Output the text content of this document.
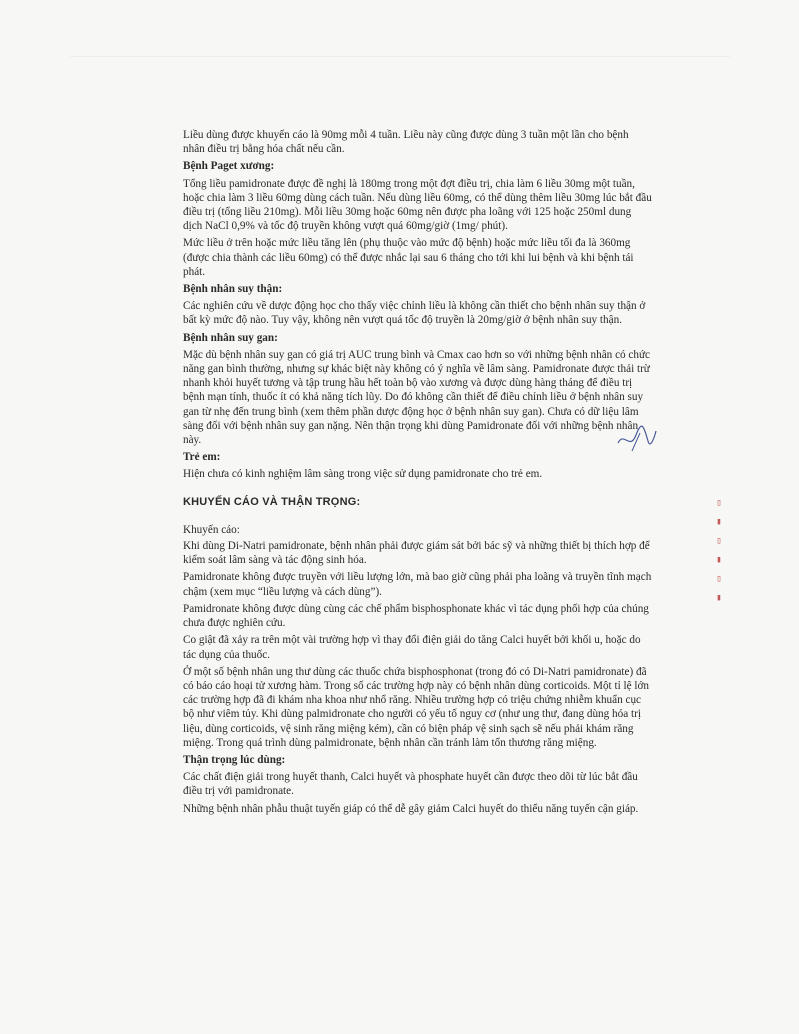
Liều dùng được khuyến cáo là 90mg mỗi 4 tuần. Liều này cũng được dùng 3 tuần một lần cho bệnh nhân điều trị bằng hóa chất nếu cần.

Bệnh Paget xương:

Tổng liều pamidronate được đề nghị là 180mg trong một đợt điều trị, chia làm 6 liều 30mg một tuần, hoặc chia làm 3 liều 60mg dùng cách tuần. Nếu dùng liều 60mg, có thể dùng thêm liều 30mg lúc bắt đầu điều trị (tổng liều 210mg). Mỗi liều 30mg hoặc 60mg nên được pha loãng với 125 hoặc 250ml dung dịch NaCl 0,9% và tốc độ truyền không vượt quá 60mg/giờ (1mg/ phút).

Mức liều ở trên hoặc mức liều tăng lên (phụ thuộc vào mức độ bệnh) hoặc mức liều tối đa là 360mg (được chia thành các liều 60mg) có thể được nhắc lại sau 6 tháng cho tới khi lui bệnh và khi bệnh tái phát.

Bệnh nhân suy thận:

Các nghiên cứu về dược động học cho thấy việc chỉnh liều là không cần thiết cho bệnh nhân suy thận ở bất kỳ mức độ nào. Tuy vậy, không nên vượt quá tốc độ truyền là 20mg/giờ ở bệnh nhân suy thận.

Bệnh nhân suy gan:

Mặc dù bệnh nhân suy gan có giá trị AUC trung bình và Cmax cao hơn so với những bệnh nhân có chức năng gan bình thường, nhưng sự khác biệt này không có ý nghĩa về lâm sàng. Pamidronate được thải trừ nhanh khỏi huyết tương và tập trung hầu hết toàn bộ vào xương và được dùng hàng tháng để điều trị bệnh mạn tính, thuốc ít có khả năng tích lũy. Do đó không cần thiết để điều chỉnh liều ở bệnh nhân suy gan từ nhẹ đến trung bình (xem thêm phần dược động học ở bệnh nhân suy gan). Chưa có dữ liệu lâm sàng đối với bệnh nhân suy gan nặng. Nên thận trọng khi dùng Pamidronate đối với những bệnh nhân này.

Trẻ em:

Hiện chưa có kinh nghiệm lâm sàng trong việc sử dụng pamidronate cho trẻ em.

KHUYẾN CÁO VÀ THẬN TRỌNG:
Khuyến cáo:

Khi dùng Di-Natri pamidronate, bệnh nhân phải được giám sát bởi bác sỹ và những thiết bị thích hợp để kiểm soát lâm sàng và tác động sinh hóa.

Pamidronate không được truyền với liều lượng lớn, mà bao giờ cũng phải pha loãng và truyền tĩnh mạch chậm (xem mục “liều lượng và cách dùng”).

Pamidronate không được dùng cùng các chế phẩm bisphosphonate khác vì tác dụng phối hợp của chúng chưa được nghiên cứu.

Co giật đã xảy ra trên một vài trường hợp vì thay đổi điện giải do tăng Calci huyết bởi khối u, hoặc do tác dụng của thuốc.

Ở một số bệnh nhân ung thư dùng các thuốc chứa bisphosphonat (trong đó có Di-Natri pamidronate) đã có báo cáo hoại tử xương hàm. Trong số các trường hợp này có bệnh nhân dùng corticoids. Một tỉ lệ lớn các trường hợp đã đi khám nha khoa như nhổ răng. Nhiều trường hợp có triệu chứng nhiễm khuẩn cục bộ như viêm tủy. Khi dùng palmidronate cho người có yếu tố nguy cơ (như ung thư, đang dùng hóa trị liệu, dùng corticoids, vệ sinh răng miệng kém), cần có biện pháp vệ sinh sạch sẽ nếu phải khám răng miệng. Trong quá trình dùng palmidronate, bệnh nhân cần tránh làm tổn thương răng miệng.

Thận trọng lúc dùng:

Các chất điện giải trong huyết thanh, Calci huyết và phosphate huyết cần được theo dõi từ lúc bắt đầu điều trị với pamidronate.

Những bệnh nhân phẫu thuật tuyến giáp có thể dễ gây giảm Calci huyết do thiểu năng tuyến cận giáp.

▯
▮
▯
▮
▯
▮
